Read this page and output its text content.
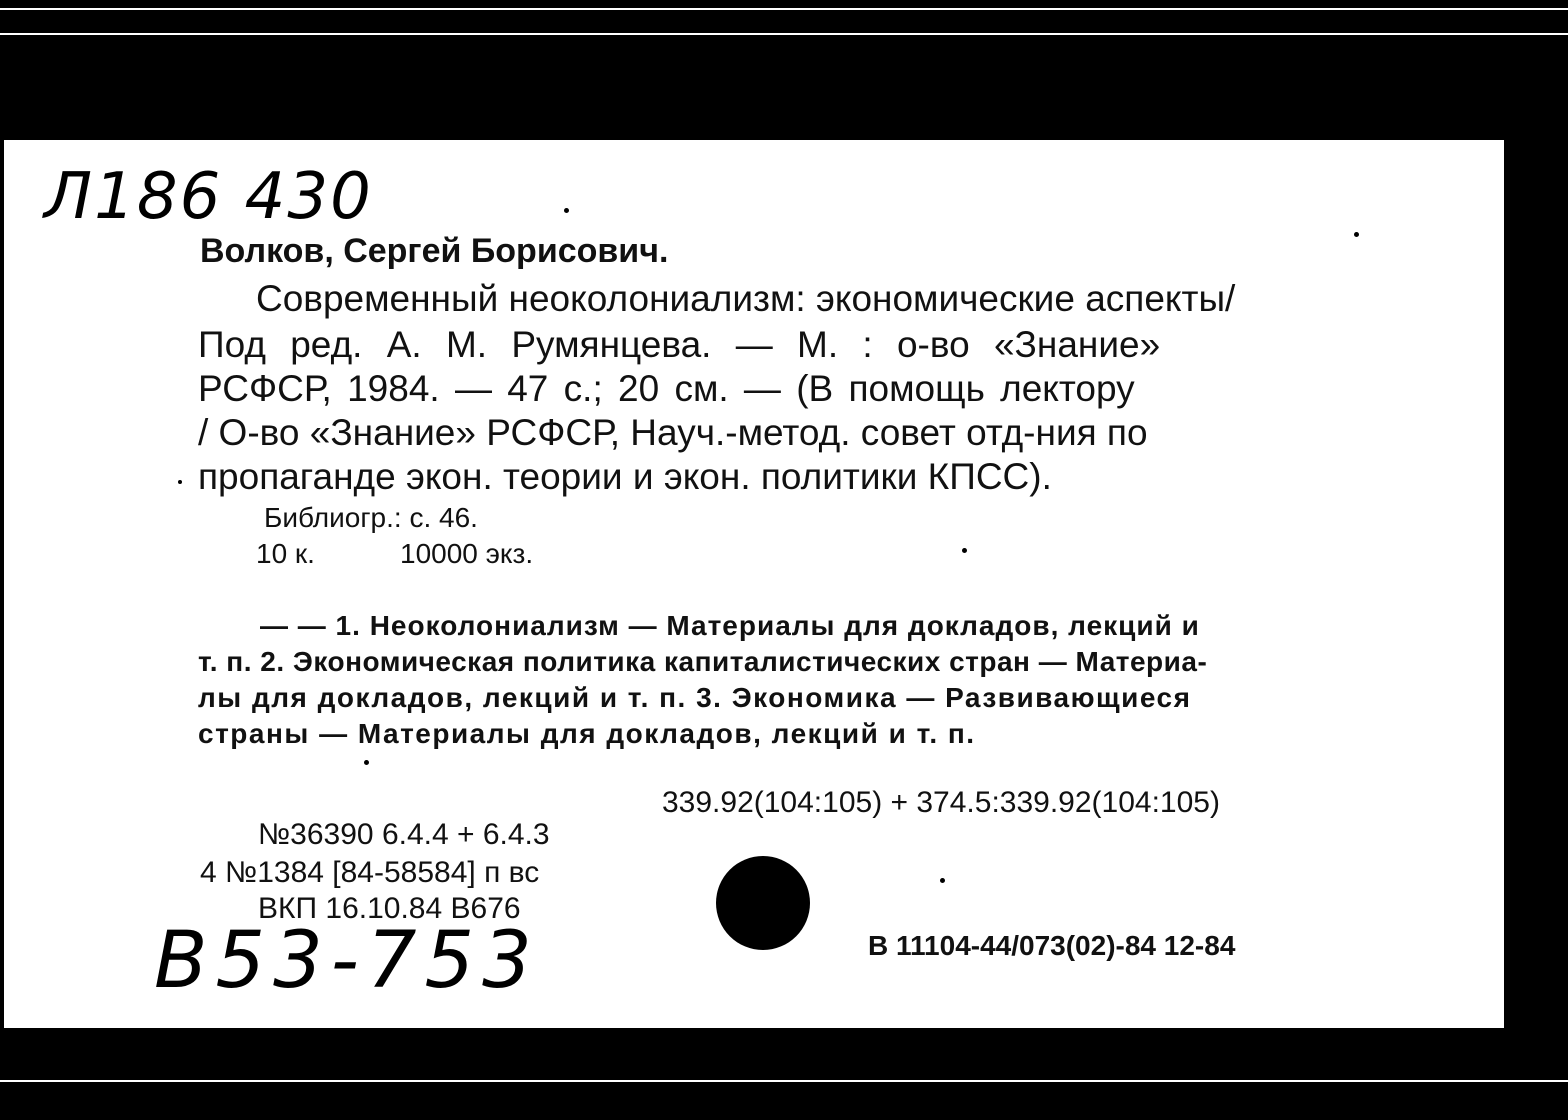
Л186 430
Волков, Сергей Борисович.
Современный неоколониализм: экономические аспекты/
Под ред. А. М. Румянцева. — М. : о-во «Знание»
РСФСР, 1984. — 47 с.; 20 см. — (В помощь лектору
/ О-во «Знание» РСФСР, Науч.-метод. совет отд-ния по
пропаганде экон. теории и экон. политики КПСС).
Библиогр.: с. 46.
10 к.	10000 экз.
— — 1. Неоколониализм — Материалы для докладов, лекций и
т. п. 2. Экономическая политика капиталистических стран — Материа-
лы для докладов, лекций и т. п. 3. Экономика — Развивающиеся
страны — Материалы для докладов, лекций и т. п.
339.92(104:105) + 374.5:339.92(104:105)
№36390 6.4.4 + 6.4.3
4 №1384 [84-58584] п вс
ВКП 16.10.84 В676
В53-753	В 11104-44/073(02)-84 12-84
